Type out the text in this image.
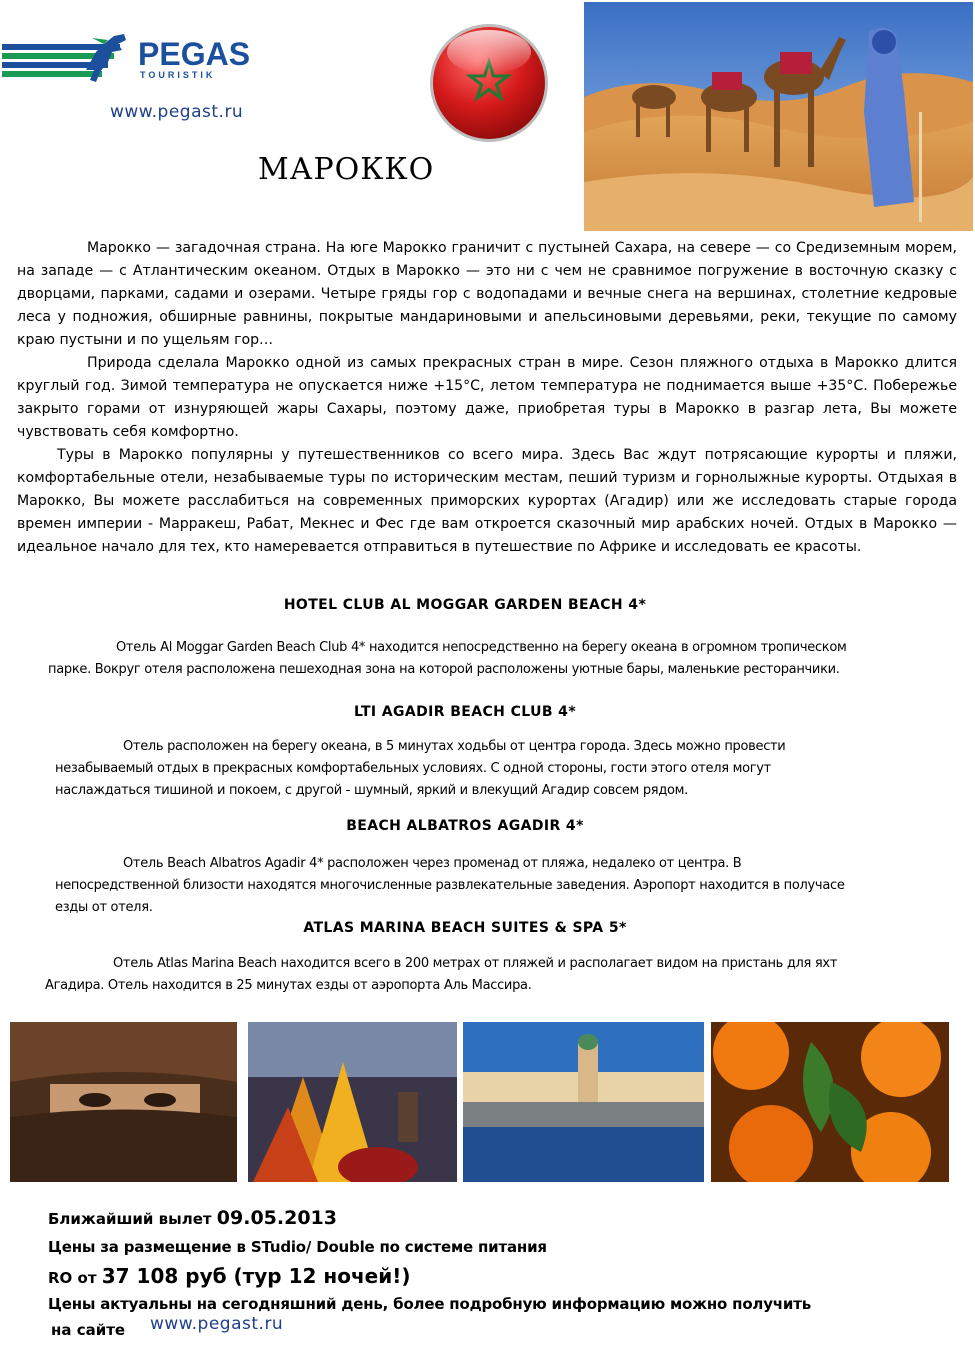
PEGAS
TOURISTIK
www.pegast.ru
МАРОККО

Марокко — загадочная страна. На юге Марокко граничит с пустыней Сахара, на севере — со Средиземным морем, на западе — с Атлантическим океаном. Отдых в Марокко — это ни с чем не сравнимое погружение в восточную сказку с дворцами, парками, садами и озерами. Четыре гряды гор с водопадами и вечные снега на вершинах, столетние кедровые леса у подножия, обширные равнины, покрытые мандариновыми и апельсиновыми деревьями, реки, текущие по самому краю пустыни и по ущельям гор…

Природа сделала Марокко одной из самых прекрасных стран в мире. Сезон пляжного отдыха в Марокко длится круглый год. Зимой температура не опускается ниже +15°C, летом температура не поднимается выше +35°C. Побережье закрыто горами от изнуряющей жары Сахары, поэтому даже, приобретая туры в Марокко в разгар лета, Вы можете чувствовать себя комфортно.

Туры в Марокко популярны у путешественников со всего мира. Здесь Вас ждут потрясающие курорты и пляжи, комфортабельные отели, незабываемые туры по историческим местам, пеший туризм и горнолыжные курорты. Отдыхая в Марокко, Вы можете расслабиться на современных приморских курортах (Агадир) или же исследовать старые города времен империи - Марракеш, Рабат, Мекнес и Фес где вам откроется сказочный мир арабских ночей. Отдых в Марокко — идеальное начало для тех, кто намеревается отправиться в путешествие по Африке и исследовать ее красоты.

HOTEL CLUB AL MOGGAR GARDEN BEACH 4*
Отель Al Moggar Garden Beach Club 4* находится непосредственно на берегу океана в огромном тропическом
парке. Вокруг отеля расположена пешеходная зона на которой расположены уютные бары, маленькие ресторанчики.
LTI AGADIR BEACH CLUB 4*
Отель расположен на берегу океана, в 5 минутах ходьбы от центра города. Здесь можно провести
незабываемый отдых в прекрасных комфортабельных условиях. С одной стороны, гости этого отеля могут
наслаждаться тишиной и покоем, с другой - шумный, яркий и влекущий Агадир совсем рядом.
BEACH ALBATROS AGADIR 4*
Отель Beach Albatros Agadir 4* расположен через променад от пляжа, недалеко от центра. В
непосредственной близости находятся многочисленные развлекательные заведения. Аэропорт находится в получасе
езды от отеля.
ATLAS MARINA BEACH SUITES & SPA 5*
Отель Atlas Marina Beach находится всего в 200 метрах от пляжей и располагает видом на пристань для яхт
Агадира. Отель находится в 25 минутах езды от аэропорта Аль Массира.
Ближайший вылет 09.05.2013
Цены за размещение в STudio/ Double по системе питания
RO от 37 108 руб (тур 12 ночей!)
Цены актуальны на сегодняшний день, более подробную информацию можно получить
на сайте www.pegast.ru
